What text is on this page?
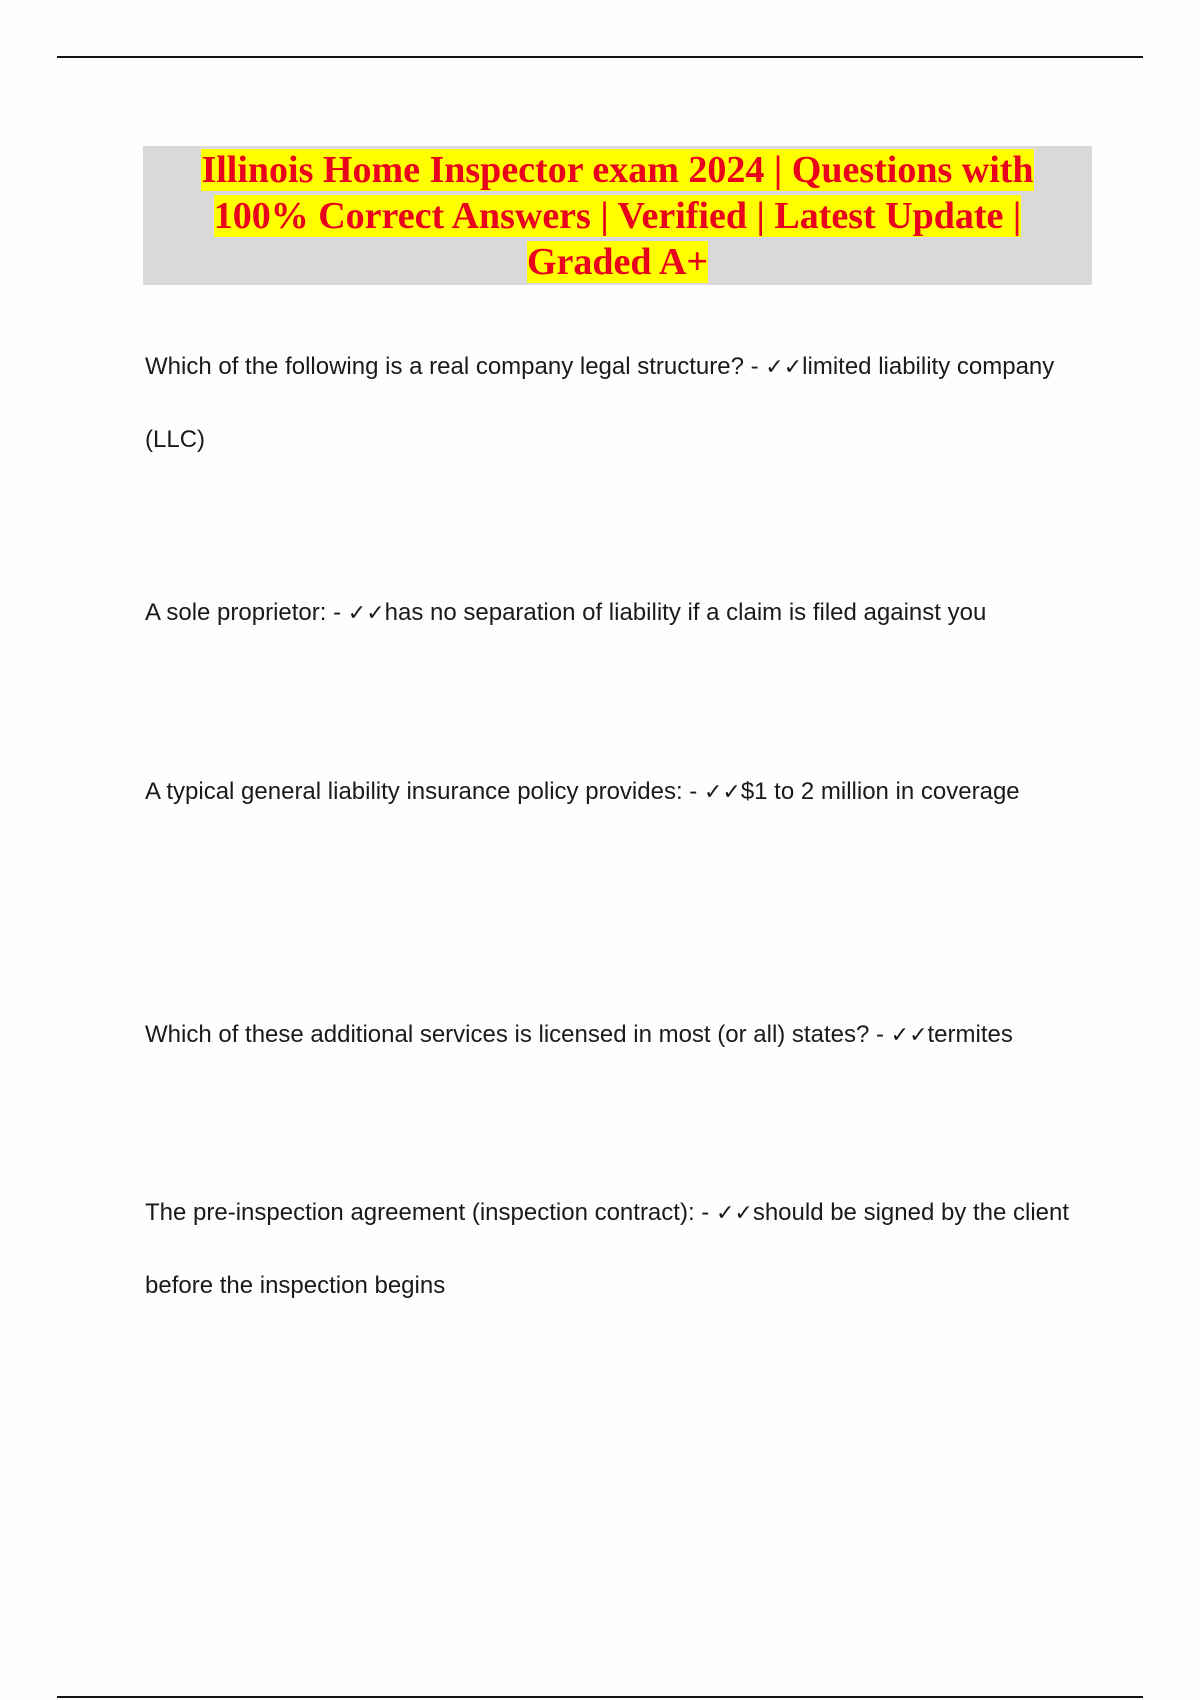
Illinois Home Inspector exam 2024 | Questions with 100% Correct Answers | Verified | Latest Update | Graded A+

Which of the following is a real company legal structure? - ✓✓limited liability company (LLC)

A sole proprietor: - ✓✓has no separation of liability if a claim is filed against you

A typical general liability insurance policy provides: - ✓✓$1 to 2 million in coverage

Which of these additional services is licensed in most (or all) states? - ✓✓termites

The pre-inspection agreement (inspection contract): - ✓✓should be signed by the client before the inspection begins
